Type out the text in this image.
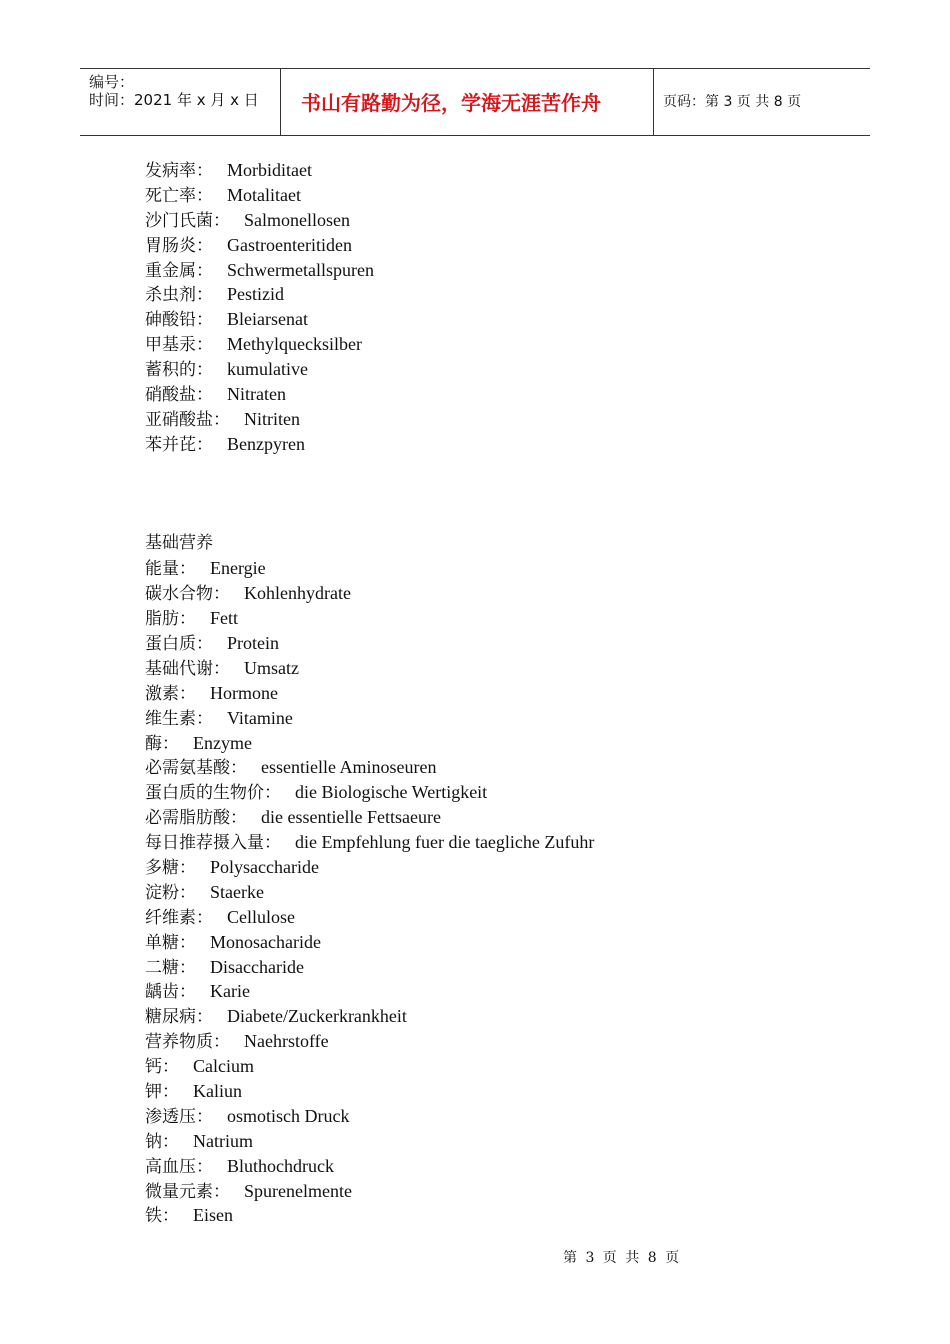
编号：
时间：2021 年 x 月 x 日 书山有路勤为径，学海无涯苦作舟	页码：第 3 页 共 8 页
发病率： Morbiditaet
死亡率： Motalitaet
沙门氏菌： Salmonellosen
胃肠炎： Gastroenteritiden
重金属： Schwermetallspuren
杀虫剂： Pestizid
砷酸铅： Bleiarsenat
甲基汞： Methylquecksilber
蓄积的： kumulative
硝酸盐： Nitraten
亚硝酸盐： Nitriten
苯并芘： Benzpyren
基础营养
能量： Energie
碳水合物： Kohlenhydrate
脂肪： Fett
蛋白质： Protein
基础代谢： Umsatz
激素： Hormone
维生素： Vitamine
酶： Enzyme
必需氨基酸： essentielle Aminoseuren
蛋白质的生物价： die Biologische Wertigkeit
必需脂肪酸： die essentielle Fettsaeure
每日推荐摄入量： die Empfehlung fuer die taegliche Zufuhr
多糖： Polysaccharide
淀粉： Staerke
纤维素： Cellulose
单糖： Monosacharide
二糖： Disaccharide
龋齿： Karie
糖尿病： Diabete/Zuckerkrankheit
营养物质： Naehrstoffe
钙： Calcium
钾： Kaliun
渗透压： osmotisch Druck
钠： Natrium
高血压： Bluthochdruck
微量元素： Spurenelmente
铁： Eisen
第 3 页 共 8 页
